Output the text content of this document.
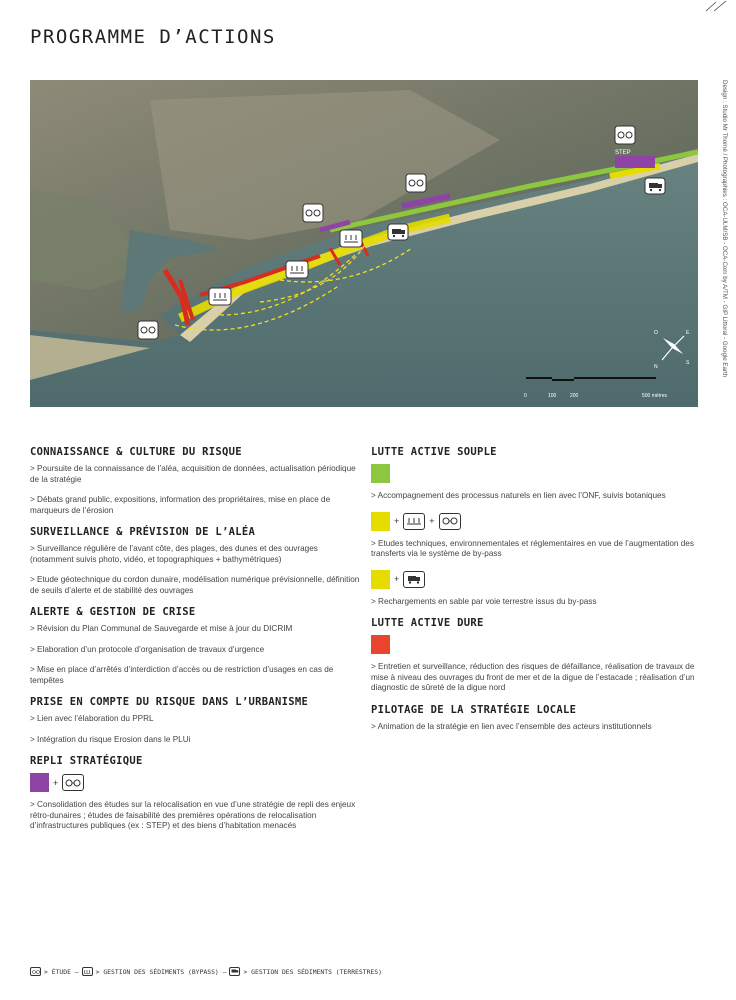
PROGRAMME D’ACTIONS
Design : Studio Mr Thomé / Photographies : OCA-ULM/SB - OCA-Com by A/TM - GIP Littoral - Google Earth
STEP
E
S
N
O
0	100	200	500 mètres
CONNAISSANCE & CULTURE DU RISQUE

> Poursuite de la connaissance de l’aléa, acquisition de données, actualisation périodique de la stratégie

> Débats grand public, expositions, information des propriétaires, mise en place de marqueurs de l’érosion

SURVEILLANCE & PRÉVISION DE L’ALÉA

> Surveillance régulière de l’avant côte, des plages, des dunes et des ouvrages (notamment suivis photo, vidéo, et topographiques + bathymétriques)

> Etude géotechnique du cordon dunaire, modélisation numérique prévisionnelle, définition de seuils d’alerte et de stabilité des ouvrages

ALERTE & GESTION DE CRISE

> Révision du Plan Communal de Sauvegarde et mise à jour du DICRIM

> Elaboration d’un protocole d’organisation de travaux d’urgence

> Mise en place d’arrêtés d’interdiction d’accès ou de restriction d’usages en cas de tempêtes

PRISE EN COMPTE DU RISQUE DANS L’URBANISME

> Lien avec l’élaboration du PPRL

> Intégration du risque Erosion dans le PLUi

REPLI STRATÉGIQUE
+

> Consolidation des études sur la relocalisation en vue d’une stratégie de repli des enjeux rétro-dunaires ; études de faisabilité des premières opérations de relocalisation d’infrastructures publiques (ex : STEP) et des biens d’habitation menacés

LUTTE ACTIVE SOUPLE

> Accompagnement des processus naturels en lien avec l’ONF, suivis botaniques

+	+

> Etudes techniques, environnementales et réglementaires en vue de l’augmentation des transferts via le système de by-pass

+

> Rechargements en sable par voie terrestre issus du by-pass

LUTTE ACTIVE DURE

> Entretien et surveillance, réduction des risques de défaillance, réalisation de travaux de mise à niveau des ouvrages du front de mer et de la digue de l’estacade ; réalisation d’un diagnostic de sûreté de la digue nord

PILOTAGE DE LA STRATÉGIE LOCALE

> Animation de la stratégie en lien avec l’ensemble des acteurs institutionnels

> ÉTUDE –	> GESTION DES SÉDIMENTS (BYPASS) –	> GESTION DES SÉDIMENTS (TERRESTRES)
